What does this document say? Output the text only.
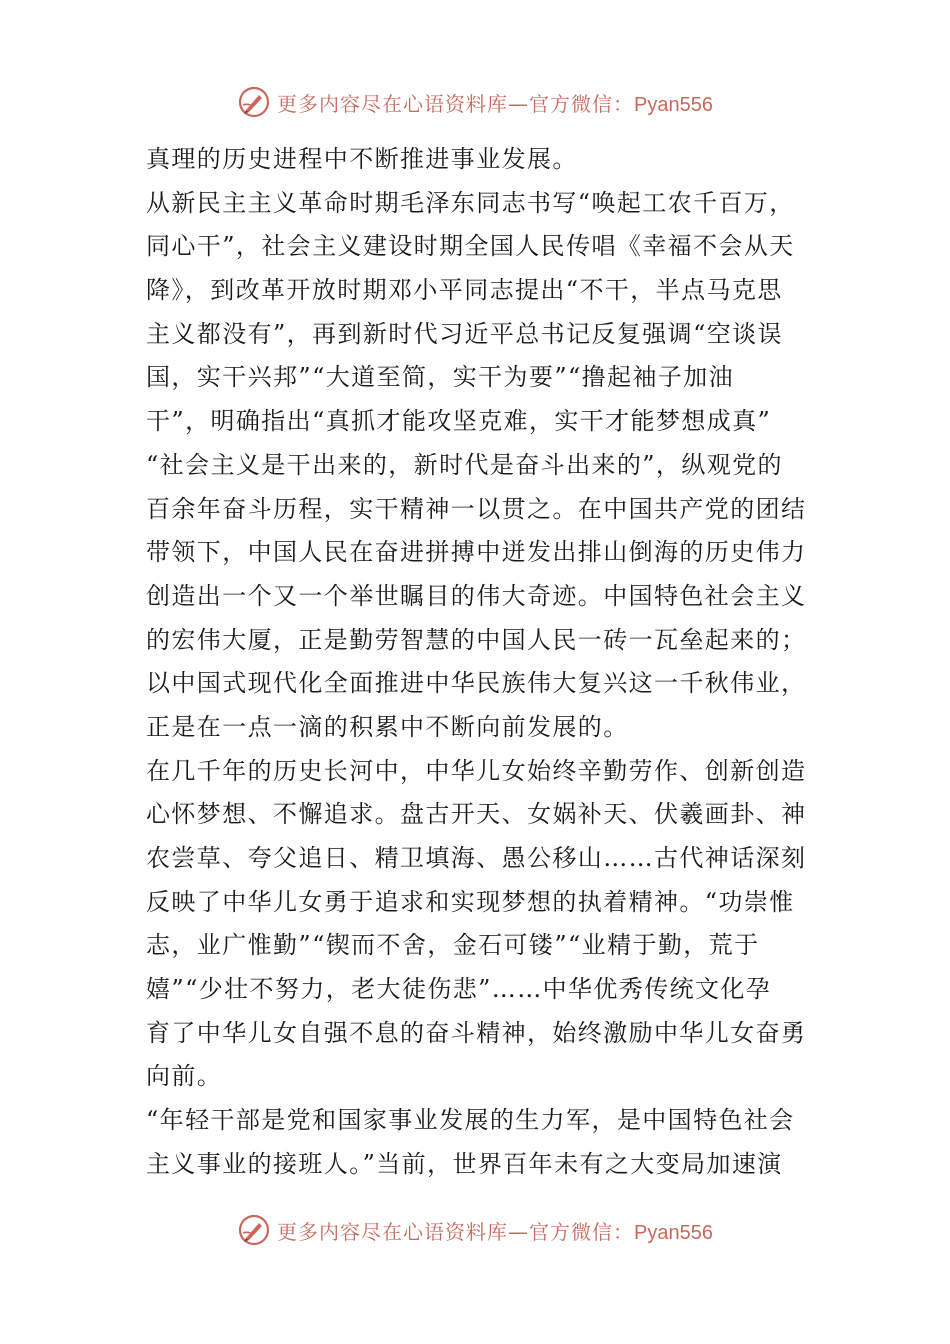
更多内容尽在心语资料库—官方微信：Pyan556
真理的历史进程中不断推进事业发展。
从新民主主义革命时期毛泽东同志书写“唤起工农千百万，
同心干”，社会主义建设时期全国人民传唱《幸福不会从天
降》，到改革开放时期邓小平同志提出“不干，半点马克思
主义都没有”，再到新时代习近平总书记反复强调“空谈误
国，实干兴邦”“大道至简，实干为要”“撸起袖子加油
干”，明确指出“真抓才能攻坚克难，实干才能梦想成真”
“社会主义是干出来的，新时代是奋斗出来的”，纵观党的
百余年奋斗历程，实干精神一以贯之。在中国共产党的团结
带领下，中国人民在奋进拼搏中迸发出排山倒海的历史伟力
创造出一个又一个举世瞩目的伟大奇迹。中国特色社会主义
的宏伟大厦，正是勤劳智慧的中国人民一砖一瓦垒起来的；
以中国式现代化全面推进中华民族伟大复兴这一千秋伟业，
正是在一点一滴的积累中不断向前发展的。
在几千年的历史长河中，中华儿女始终辛勤劳作、创新创造
心怀梦想、不懈追求。盘古开天、女娲补天、伏羲画卦、神
农尝草、夸父追日、精卫填海、愚公移山……古代神话深刻
反映了中华儿女勇于追求和实现梦想的执着精神。“功崇惟
志，业广惟勤”“锲而不舍，金石可镂”“业精于勤，荒于
嬉”“少壮不努力，老大徒伤悲”……中华优秀传统文化孕
育了中华儿女自强不息的奋斗精神，始终激励中华儿女奋勇
向前。
“年轻干部是党和国家事业发展的生力军，是中国特色社会
主义事业的接班人。”当前，世界百年未有之大变局加速演
更多内容尽在心语资料库—官方微信：Pyan556
